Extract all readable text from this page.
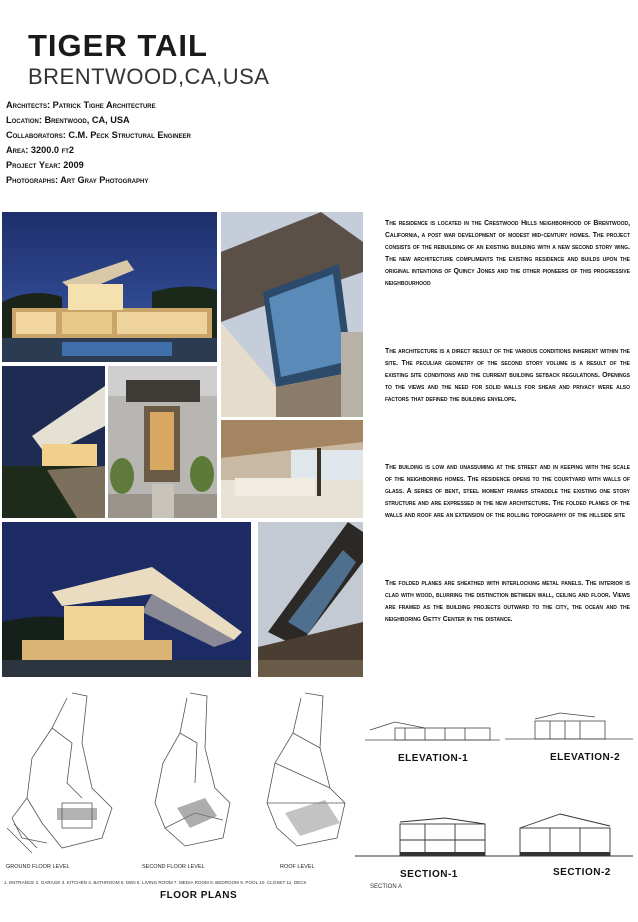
TIGER TAIL
BRENTWOOD,CA,USA
Architects: Patrick Tighe Architecture
Location: Brentwood, CA, USA
Collaborators: C.M. Peck Structural Engineer
Area: 3200.0 ft2
Project Year: 2009
Photographs: Art Gray Photography
The residence is located in the Crestwood Hills neighborhood of Brentwood, California, a post war development of modest mid-century homes. The project consists of the rebuilding of an existing building with a new second story wing. The new architecture compliments the existing residence and builds upon the original intentions of Quincy Jones and the other pioneers of this progressive neighbourhood
The architecture is a direct result of the various conditions inherent within the site. The peculiar geometry of the second story volume is a result of the existing site conditions and the current building setback regulations. Openings to the views and the need for solid walls for shear and privacy were also factors that defined the building envelope.
The building is low and unassuming at the street and in keeping with the scale of the neighboring homes. The residence opens to the courtyard with walls of glass. A series of bent, steel moment frames straddle the existing one story structure and are expressed in the new architecture. The folded planes of the walls and roof are an extension of the rolling topography of the hillside site
The folded planes are sheathed with interlocking metal panels. The interior is clad with wood, blurring the distinction between wall, ceiling and floor. Views are framed as the building projects outward to the city, the ocean and the neighboring Getty Center in the distance.
GROUND FLOOR LEVEL	SECOND FLOOR LEVEL	ROOF LEVEL
1. ENTRANCE 2. GARAGE 3. KITCHEN 4. BATHROOM 5. DEN 6. LIVING ROOM 7. MEDIA ROOM 8. BEDROOM 9. POOL 10. CLOSET 11. DECK
FLOOR PLANS
ELEVATION-1	ELEVATION-2
SECTION-1	SECTION-2
SECTION A
